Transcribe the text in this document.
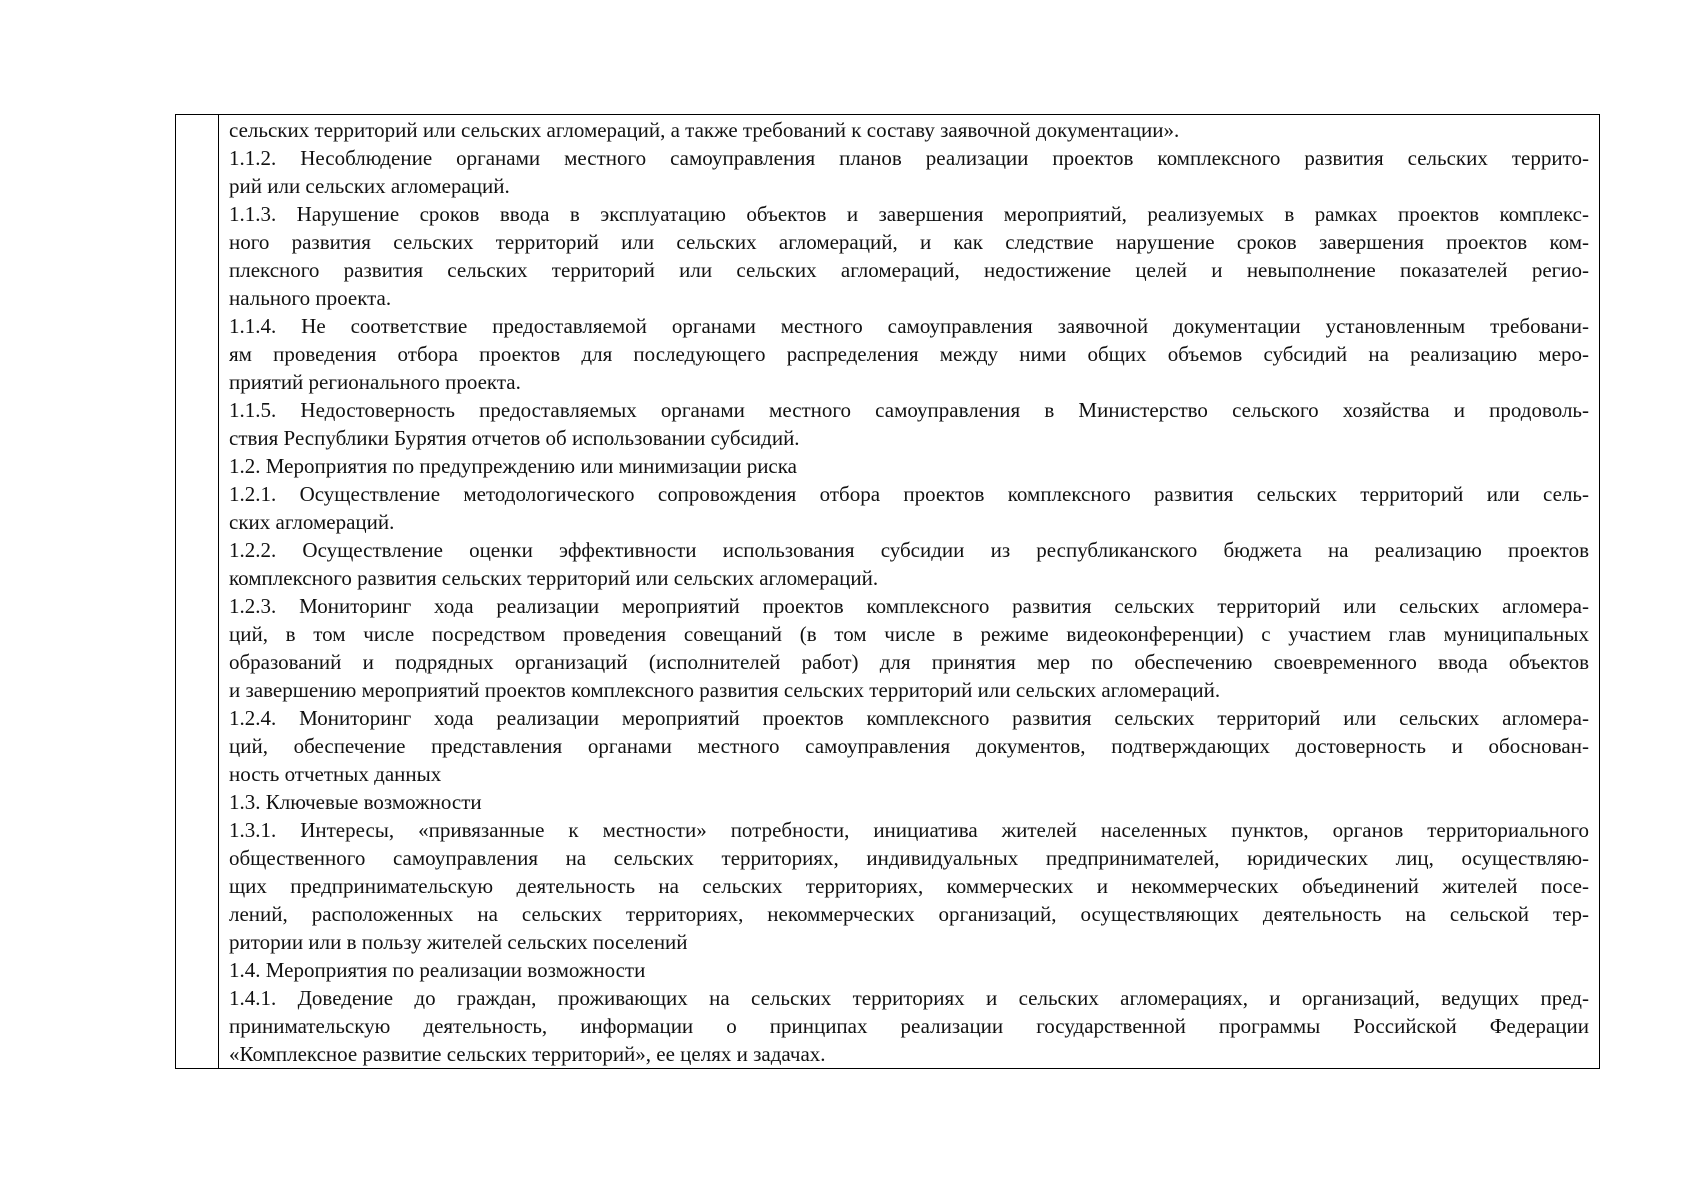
сельских территорий или сельских агломераций, а также требований к составу заявочной документации».
1.1.2. Несоблюдение органами местного самоуправления планов реализации проектов комплексного развития сельских террито-
рий или сельских агломераций.
1.1.3. Нарушение сроков ввода в эксплуатацию объектов и завершения мероприятий, реализуемых в рамках проектов комплекс-
ного развития сельских территорий или сельских агломераций, и как следствие нарушение сроков завершения проектов ком-
плексного развития сельских территорий или сельских агломераций, недостижение целей и невыполнение показателей регио-
нального проекта.
1.1.4. Не соответствие предоставляемой органами местного самоуправления заявочной документации установленным требовани-
ям проведения отбора проектов для последующего распределения между ними общих объемов субсидий на реализацию меро-
приятий регионального проекта.
1.1.5. Недостоверность предоставляемых органами местного самоуправления в Министерство сельского хозяйства и продоволь-
ствия Республики Бурятия отчетов об использовании субсидий.
1.2. Мероприятия по предупреждению или минимизации риска
1.2.1. Осуществление методологического сопровождения отбора проектов комплексного развития сельских территорий или сель-
ских агломераций.
1.2.2. Осуществление оценки эффективности использования субсидии из республиканского бюджета на реализацию проектов
комплексного развития сельских территорий или сельских агломераций.
1.2.3. Мониторинг хода реализации мероприятий проектов комплексного развития сельских территорий или сельских агломера-
ций, в том числе посредством проведения совещаний (в том числе в режиме видеоконференции) с участием глав муниципальных
образований и подрядных организаций (исполнителей работ) для принятия мер по обеспечению своевременного ввода объектов
и завершению мероприятий проектов комплексного развития сельских территорий или сельских агломераций.
1.2.4. Мониторинг хода реализации мероприятий проектов комплексного развития сельских территорий или сельских агломера-
ций, обеспечение представления органами местного самоуправления документов, подтверждающих достоверность и обоснован-
ность отчетных данных
1.3. Ключевые возможности
1.3.1. Интересы, «привязанные к местности» потребности, инициатива жителей населенных пунктов, органов территориального
общественного самоуправления на сельских территориях, индивидуальных предпринимателей, юридических лиц, осуществляю-
щих предпринимательскую деятельность на сельских территориях, коммерческих и некоммерческих объединений жителей посе-
лений, расположенных на сельских территориях, некоммерческих организаций, осуществляющих деятельность на сельской тер-
ритории или в пользу жителей сельских поселений
1.4. Мероприятия по реализации возможности
1.4.1. Доведение до граждан, проживающих на сельских территориях и сельских агломерациях, и организаций, ведущих пред-
принимательскую деятельность, информации о принципах реализации государственной программы Российской Федерации
«Комплексное развитие сельских территорий», ее целях и задачах.
